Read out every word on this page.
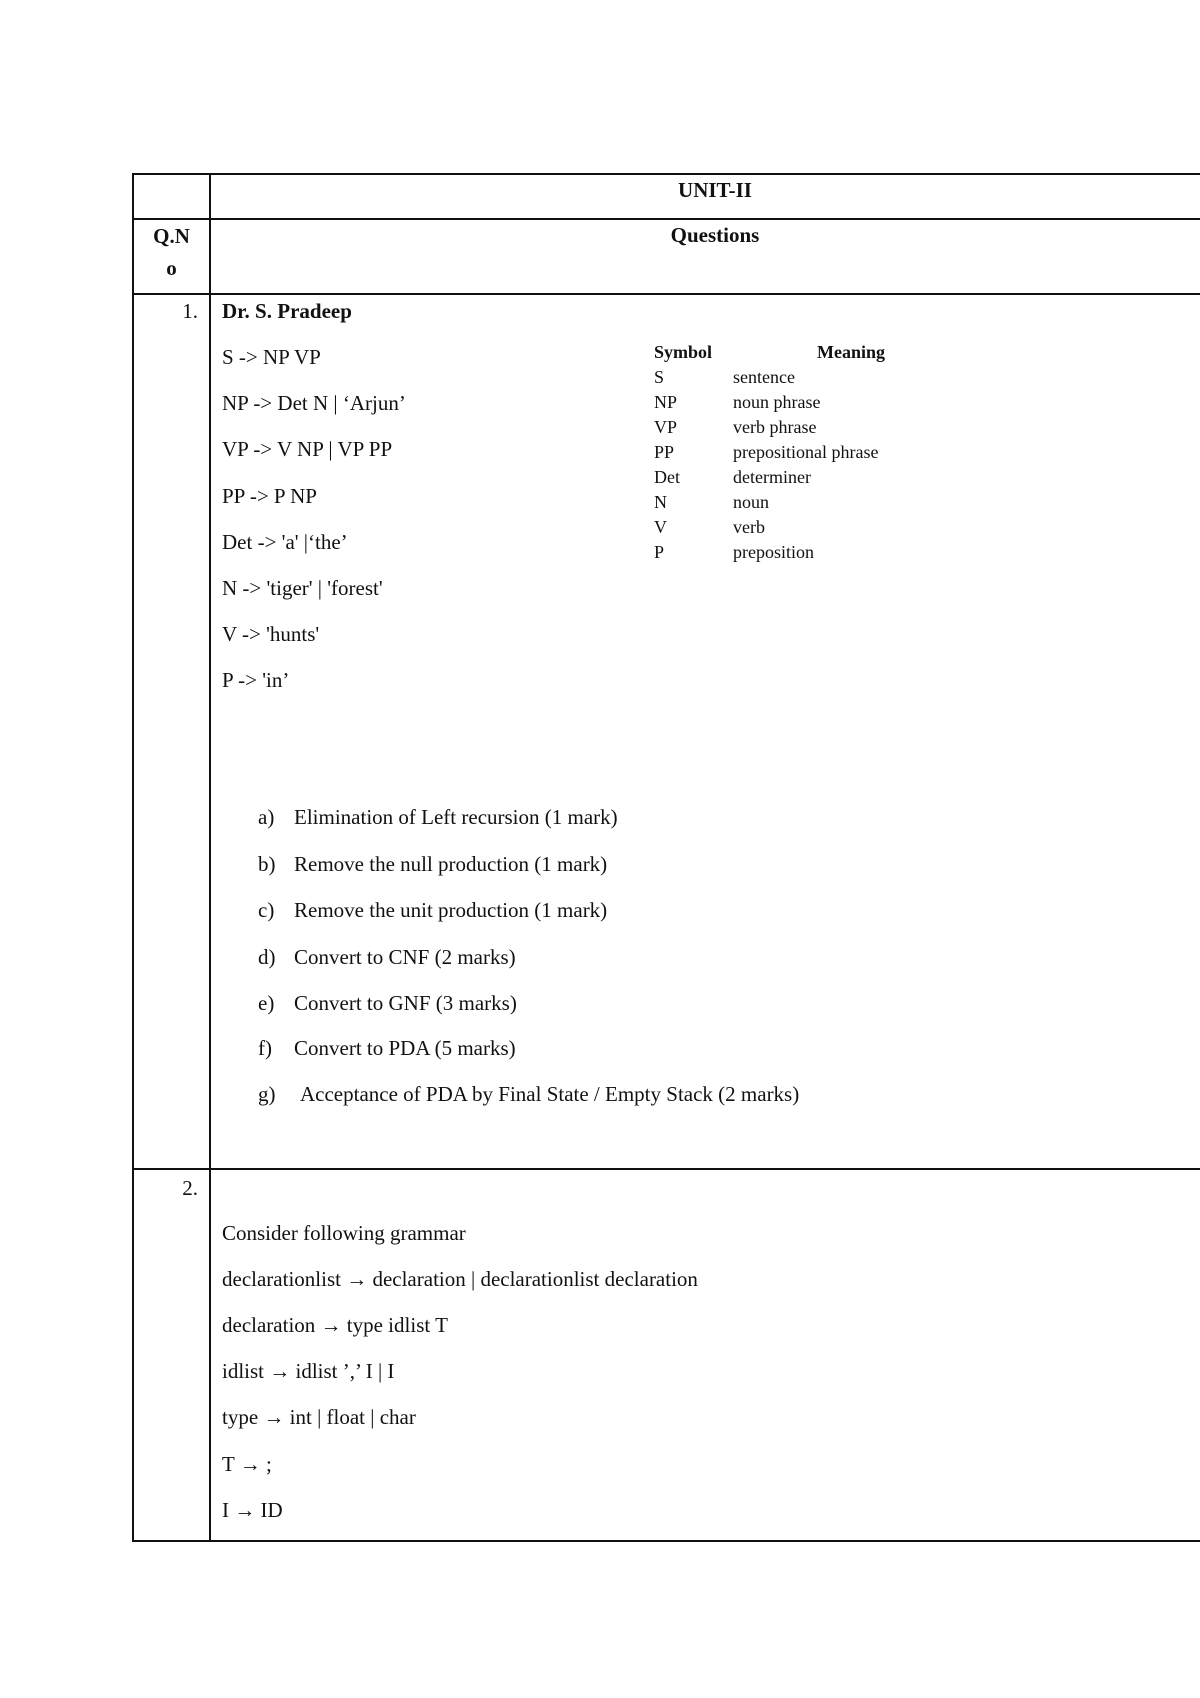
UNIT-II
Q.N
o
Questions
1. Dr. S. Pradeep
S -> NP VP
NP -> Det N | ‘Arjun’
VP -> V NP | VP PP
PP -> P NP
Det -> 'a' |‘the’
N -> 'tiger' | 'forest'
V -> 'hunts'
P -> 'in’
Symbol	Meaning
S	sentence
NP	noun phrase
VP	verb phrase
PP	prepositional phrase
Det	determiner
N	noun
V	verb
P	preposition
a) Elimination of Left recursion (1 mark)
b) Remove the null production (1 mark)
c) Remove the unit production (1 mark)
d) Convert to CNF (2 marks)
e) Convert to GNF (3 marks)
f) Convert to PDA (5 marks)
g) Acceptance of PDA by Final State / Empty Stack (2 marks)
2.
Consider following grammar
declarationlist → declaration | declarationlist declaration
declaration → type idlist T
idlist → idlist ’,’ I | I
type → int | float | char
T → ;
I → ID
